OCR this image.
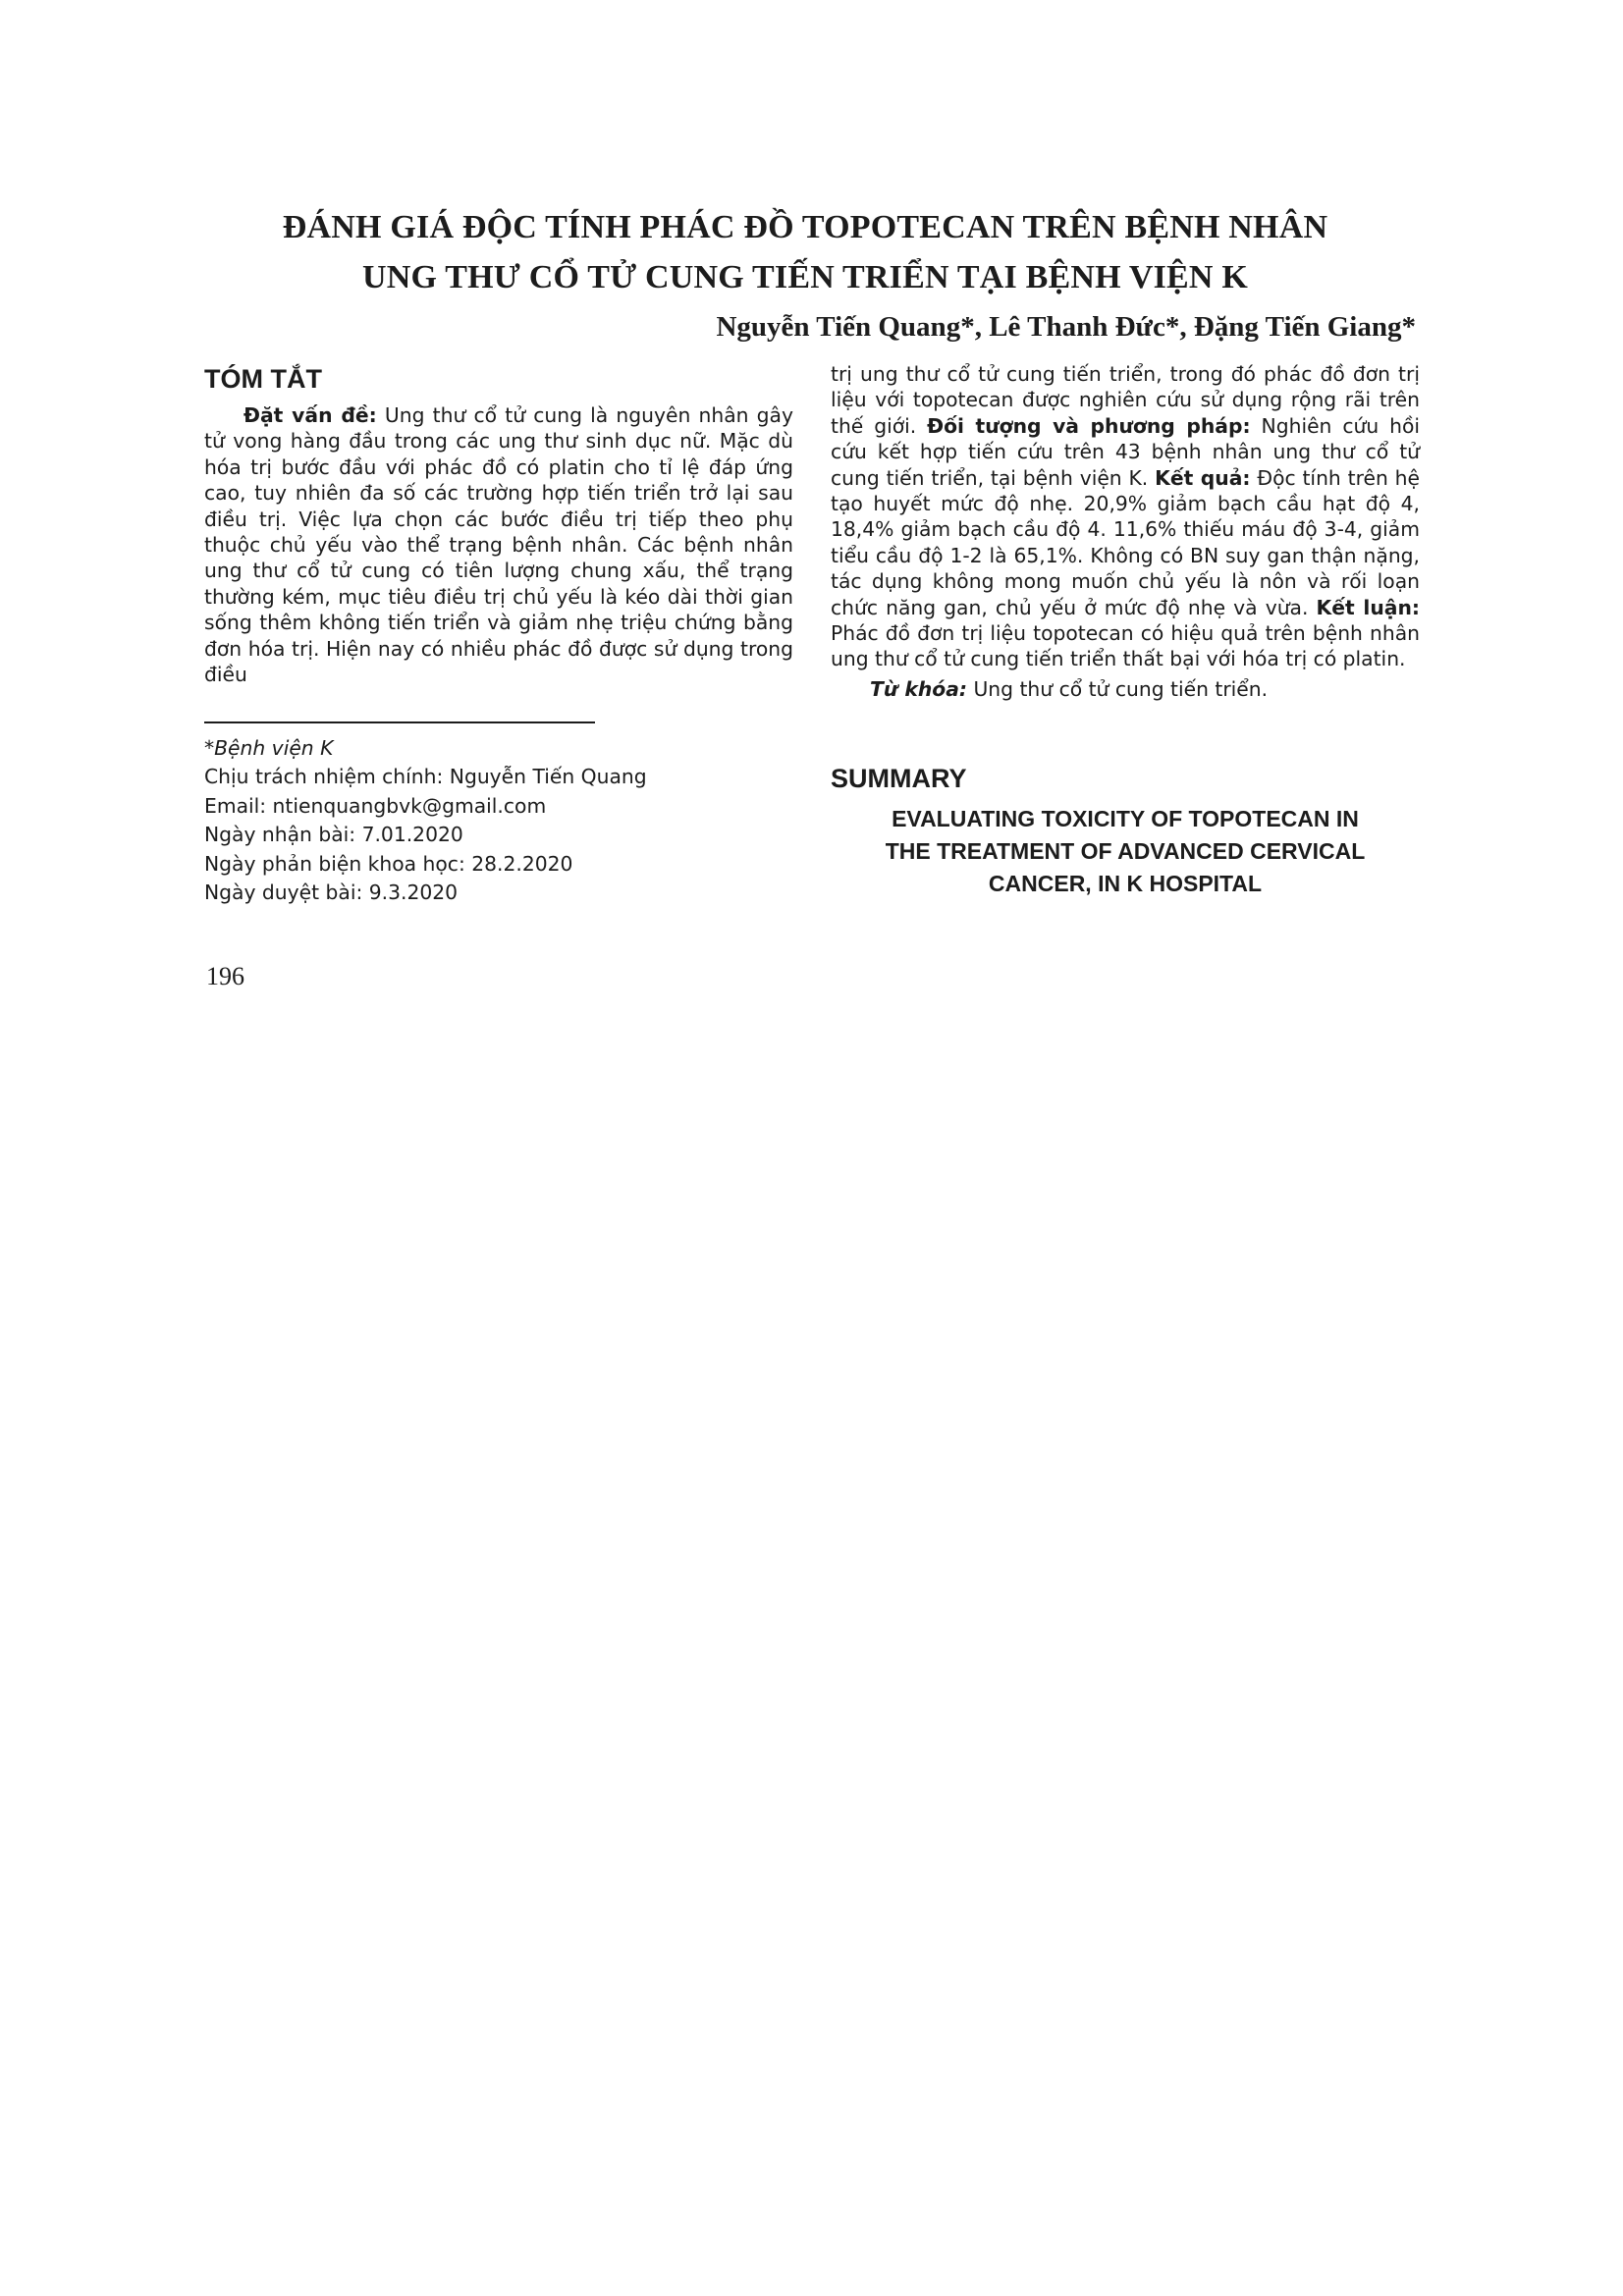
ĐÁNH GIÁ ĐỘC TÍNH PHÁC ĐỒ TOPOTECAN TRÊN BỆNH NHÂN
UNG THƯ CỔ TỬ CUNG TIẾN TRIỂN TẠI BỆNH VIỆN K
Nguyễn Tiến Quang*, Lê Thanh Đức*, Đặng Tiến Giang*
TÓM TẮT

Đặt vấn đề: Ung thư cổ tử cung là nguyên nhân gây tử vong hàng đầu trong các ung thư sinh dục nữ. Mặc dù hóa trị bước đầu với phác đồ có platin cho tỉ lệ đáp ứng cao, tuy nhiên đa số các trường hợp tiến triển trở lại sau điều trị. Việc lựa chọn các bước điều trị tiếp theo phụ thuộc chủ yếu vào thể trạng bệnh nhân. Các bệnh nhân ung thư cổ tử cung có tiên lượng chung xấu, thể trạng thường kém, mục tiêu điều trị chủ yếu là kéo dài thời gian sống thêm không tiến triển và giảm nhẹ triệu chứng bằng đơn hóa trị. Hiện nay có nhiều phác đồ được sử dụng trong điều

*Bệnh viện K
Chịu trách nhiệm chính: Nguyễn Tiến Quang
Email: ntienquangbvk@gmail.com
Ngày nhận bài: 7.01.2020
Ngày phản biện khoa học: 28.2.2020
Ngày duyệt bài: 9.3.2020

trị ung thư cổ tử cung tiến triển, trong đó phác đồ đơn trị liệu với topotecan được nghiên cứu sử dụng rộng rãi trên thế giới. Đối tượng và phương pháp: Nghiên cứu hồi cứu kết hợp tiến cứu trên 43 bệnh nhân ung thư cổ tử cung tiến triển, tại bệnh viện K. Kết quả: Độc tính trên hệ tạo huyết mức độ nhẹ. 20,9% giảm bạch cầu hạt độ 4, 18,4% giảm bạch cầu độ 4. 11,6% thiếu máu độ 3-4, giảm tiểu cầu độ 1-2 là 65,1%. Không có BN suy gan thận nặng, tác dụng không mong muốn chủ yếu là nôn và rối loạn chức năng gan, chủ yếu ở mức độ nhẹ và vừa. Kết luận: Phác đồ đơn trị liệu topotecan có hiệu quả trên bệnh nhân ung thư cổ tử cung tiến triển thất bại với hóa trị có platin.

Từ khóa: Ung thư cổ tử cung tiến triển.

SUMMARY
EVALUATING TOXICITY OF TOPOTECAN IN
THE TREATMENT OF ADVANCED CERVICAL
CANCER, IN K HOSPITAL
196
